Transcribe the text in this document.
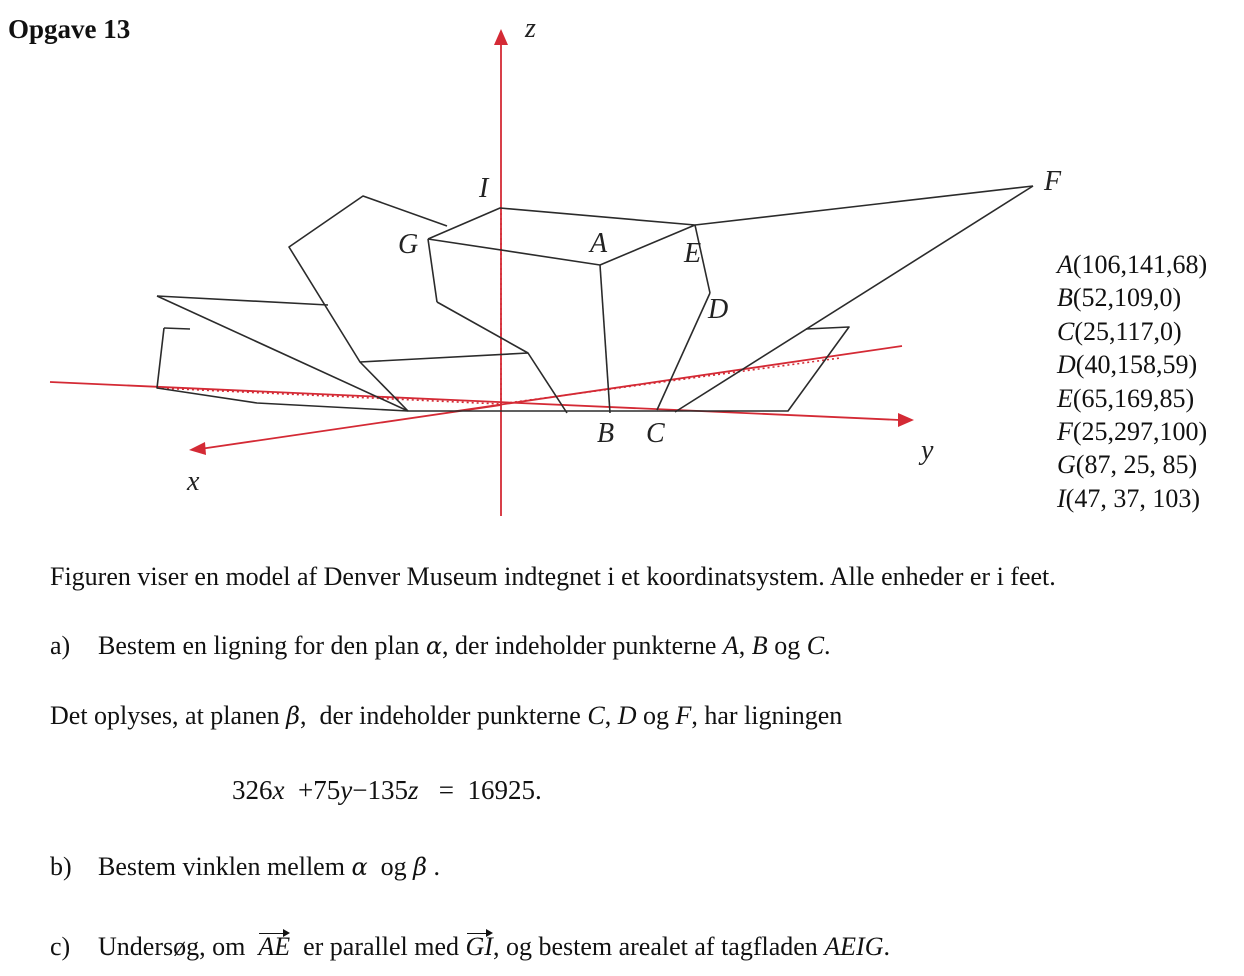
Opgave 13	z
x
y
I
G	A	E
D
F
B C
A(106,141,68)
B(52,109,0)
C(25,117,0)
D(40,158,59)
E(65,169,85)
F(25,297,100)
G(87, 25, 85)
I(47, 37, 103)
Figuren viser en model af Denver Museum indtegnet i et koordinatsystem. Alle enheder er i feet.
a) Bestem en ligning for den plan α, der indeholder punkterne A, B og C.
Det oplyses, at planen β,  der indeholder punkterne C, D og F, har ligningen
326x +75y−135z = 16925.
b) Bestem vinklen mellem α og β .
c) Undersøg, om AE er parallel med GI, og bestem arealet af tagfladen AEIG.
